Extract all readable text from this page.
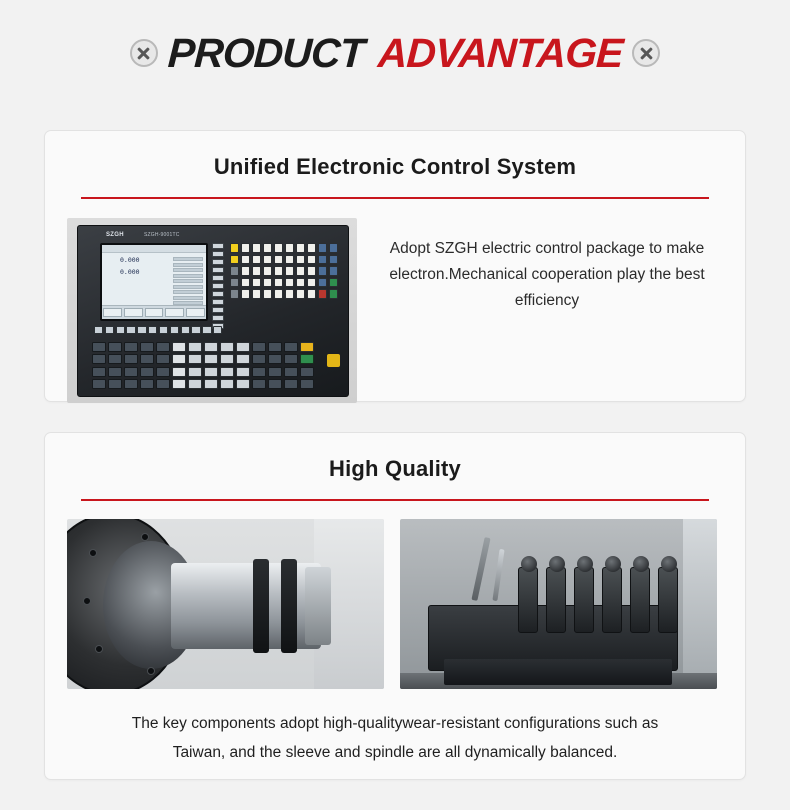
PRODUCT ADVANTAGE
Unified Electronic Control System
SZGH	SZGH-9001TC
0.000
0.000
Adopt SZGH electric control package to make electron.Mechanical cooperation play the best efficiency
High Quality
The key components adopt high-qualitywear-resistant configurations such as
Taiwan, and the sleeve and spindle are all dynamically balanced.
